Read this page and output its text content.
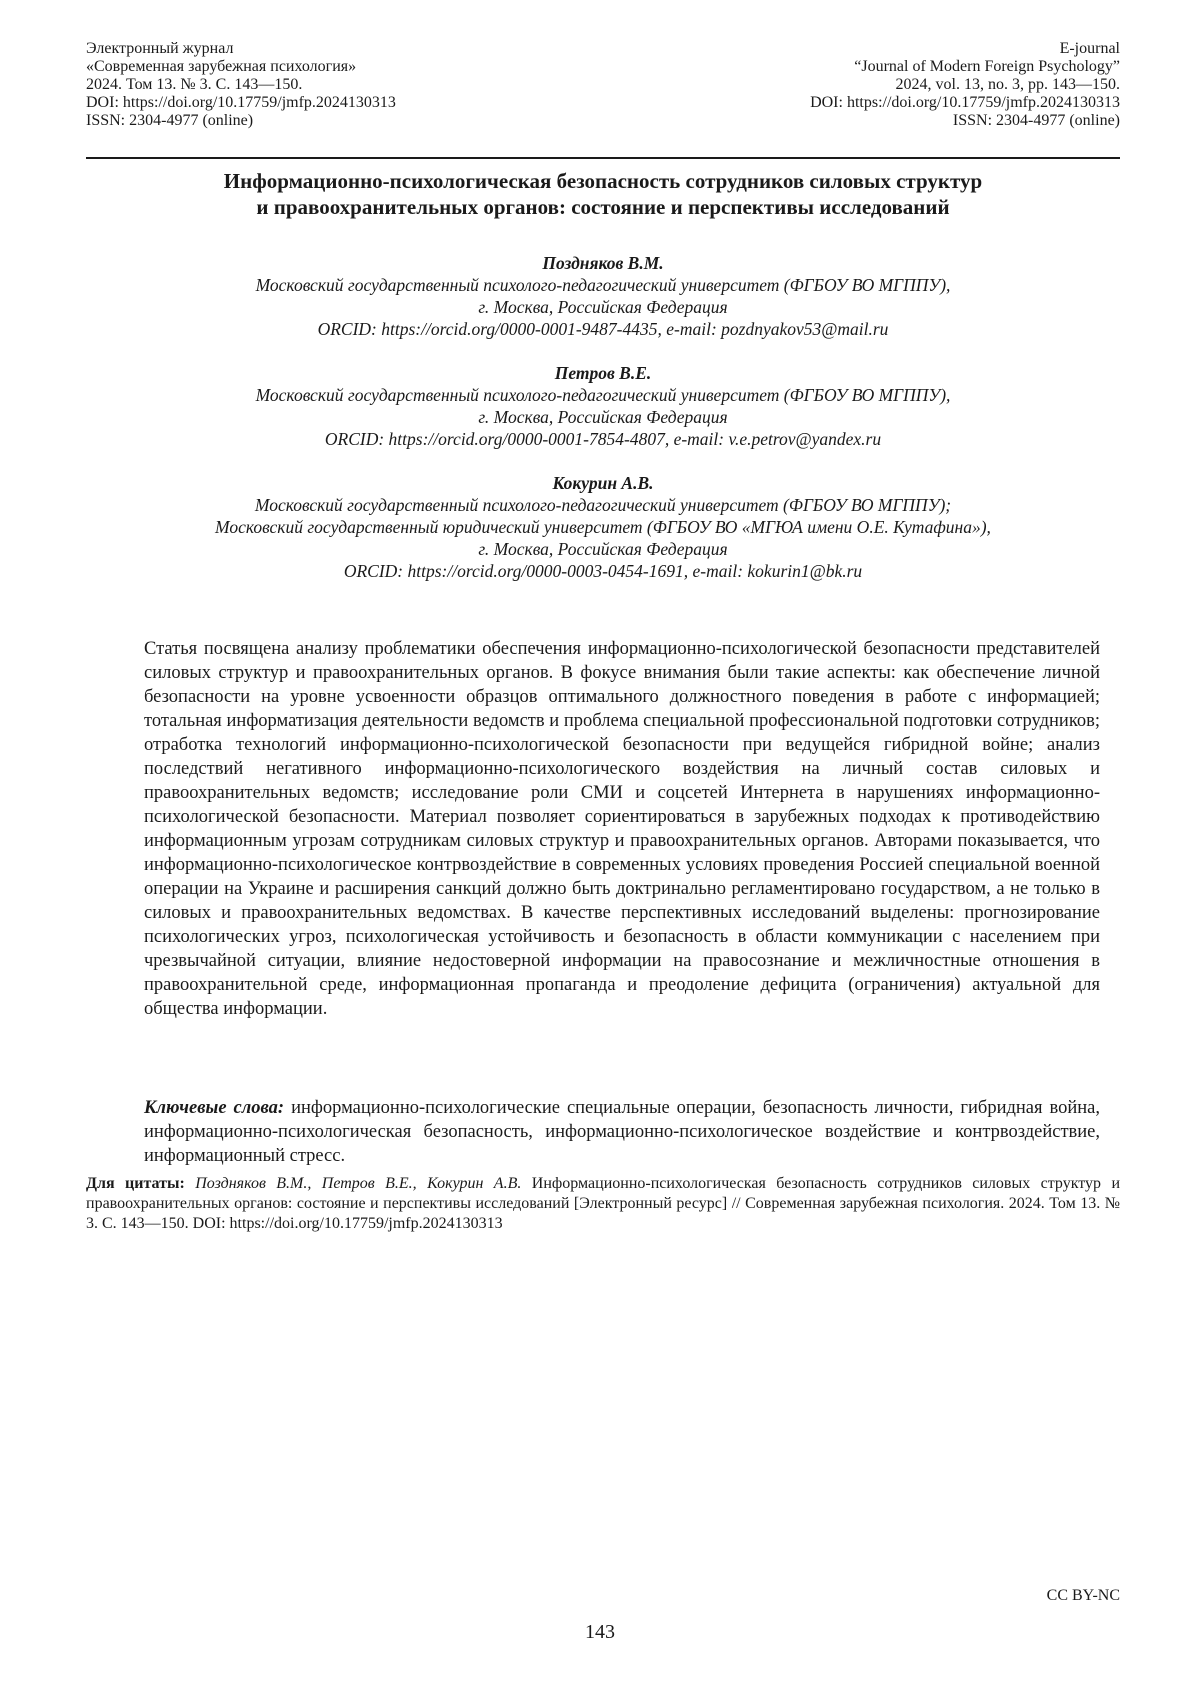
Электронный журнал
«Современная зарубежная психология»
2024. Том 13. № 3. С. 143—150.
DOI: https://doi.org/10.17759/jmfp.2024130313
ISSN: 2304-4977 (online)
E-journal
“Journal of Modern Foreign Psychology”
2024, vol. 13, no. 3, pp. 143—150.
DOI: https://doi.org/10.17759/jmfp.2024130313
ISSN: 2304-4977 (online)
Информационно-психологическая безопасность сотрудников силовых структур
и правоохранительных органов: состояние и перспективы исследований
Поздняков В.М.
Московский государственный психолого-педагогический университет (ФГБОУ ВО МГППУ),
г. Москва, Российская Федерация
ORCID: https://orcid.org/0000-0001-9487-4435, e-mail: pozdnyakov53@mail.ru
Петров В.Е.
Московский государственный психолого-педагогический университет (ФГБОУ ВО МГППУ),
г. Москва, Российская Федерация
ORCID: https://orcid.org/0000-0001-7854-4807, e-mail: v.e.petrov@yandex.ru
Кокурин А.В.
Московский государственный психолого-педагогический университет (ФГБОУ ВО МГППУ);
Московский государственный юридический университет (ФГБОУ ВО «МГЮА имени О.Е. Кутафина»),
г. Москва, Российская Федерация
ORCID: https://orcid.org/0000-0003-0454-1691, e-mail: kokurin1@bk.ru

Статья посвящена анализу проблематики обеспечения информационно-психологической безопасности представителей силовых структур и правоохранительных органов. В фокусе внимания были такие аспекты: как обеспечение личной безопасности на уровне усвоенности образцов оптимального должностного поведения в работе с информацией; тотальная информатизация деятельности ведомств и проблема специальной профессиональной подготовки сотрудников; отработка технологий информационно-психологической безопасности при ведущейся гибридной войне; анализ последствий негативного информационно-психологического воздействия на личный состав силовых и правоохранительных ведомств; исследование роли СМИ и соцсетей Интернета в нарушениях информационно-психологической безопасности. Материал позволяет сориентироваться в зарубежных подходах к противодействию информационным угрозам сотрудникам силовых структур и правоохранительных органов. Авторами показывается, что информационно-психологическое контрвоздействие в современных условиях проведения Россией специальной военной операции на Украине и расширения санкций должно быть доктринально регламентировано государством, а не только в силовых и правоохранительных ведомствах. В качестве перспективных исследований выделены: прогнозирование психологических угроз, психологическая устойчивость и безопасность в области коммуникации с населением при чрезвычайной ситуации, влияние недостоверной информации на правосознание и межличностные отношения в правоохранительной среде, информационная пропаганда и преодоление дефицита (ограничения) актуальной для общества информации.

Ключевые слова: информационно-психологические специальные операции, безопасность личности, гибридная война, информационно-психологическая безопасность, информационно-психологическое воздействие и контрвоздействие, информационный стресс.
Для цитаты: Поздняков В.М., Петров В.Е., Кокурин А.В. Информационно-психологическая безопасность сотрудников силовых структур и правоохранительных органов: состояние и перспективы исследований [Электронный ресурс] // Современная зарубежная психология. 2024. Том 13. № 3. С. 143—150. DOI: https://doi.org/10.17759/jmfp.2024130313
CC BY-NC
143
